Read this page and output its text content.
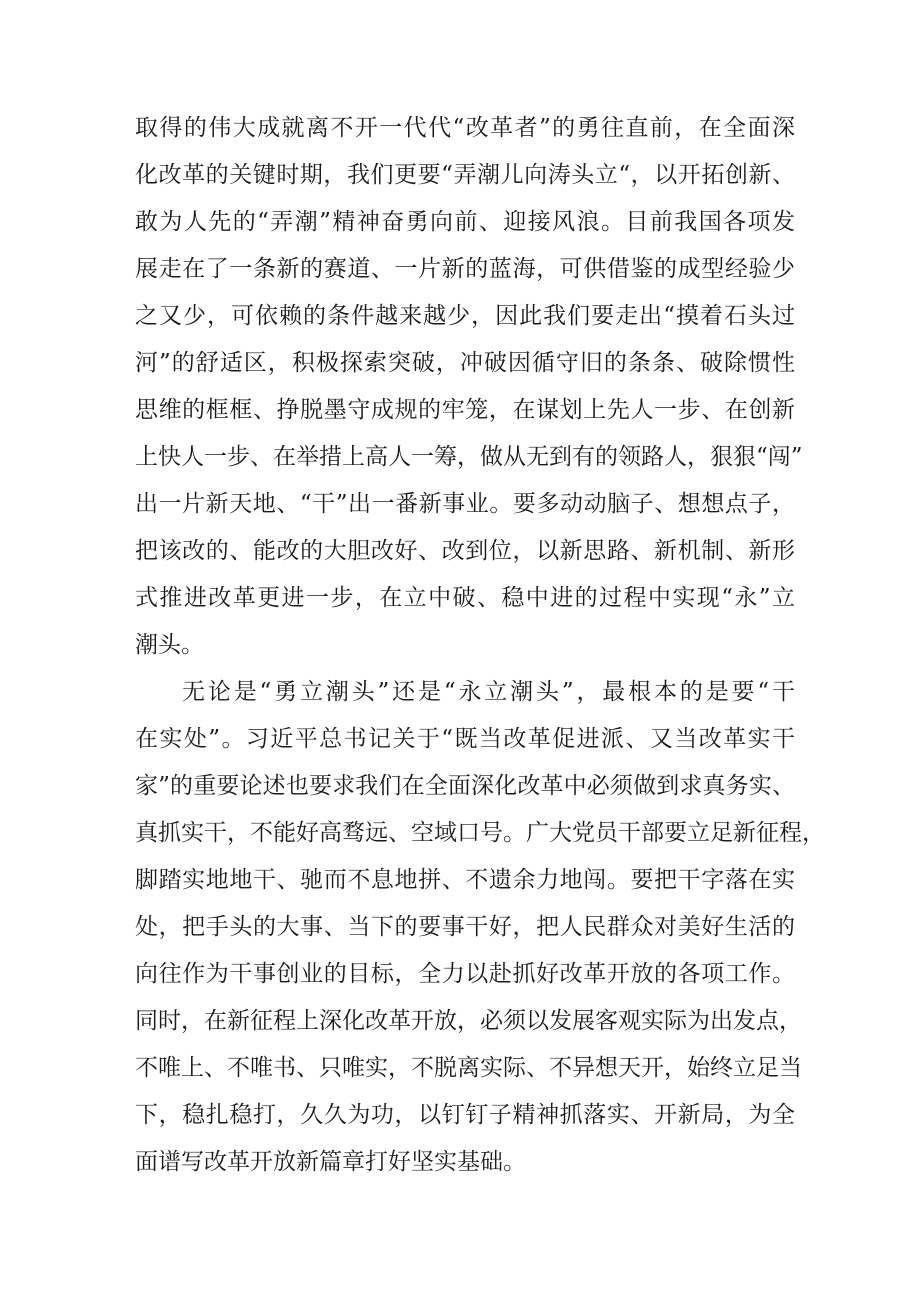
取得的伟大成就离不开一代代“改革者”的勇往直前，在全面深
化改革的关键时期，我们更要“弄潮儿向涛头立“，以开拓创新、
敢为人先的“弄潮”精神奋勇向前、迎接风浪。目前我国各项发
展走在了一条新的赛道、一片新的蓝海，可供借鉴的成型经验少
之又少，可依赖的条件越来越少，因此我们要走出“摸着石头过
河”的舒适区，积极探索突破，冲破因循守旧的条条、破除惯性
思维的框框、挣脱墨守成规的牢笼，在谋划上先人一步、在创新
上快人一步、在举措上高人一筹，做从无到有的领路人，狠狠“闯”
出一片新天地、“干”出一番新事业。要多动动脑子、想想点子，
把该改的、能改的大胆改好、改到位，以新思路、新机制、新形
式推进改革更进一步，在立中破、稳中进的过程中实现“永”立
潮头。
无论是“勇立潮头”还是“永立潮头”，最根本的是要“干
在实处”。习近平总书记关于“既当改革促进派、又当改革实干
家”的重要论述也要求我们在全面深化改革中必须做到求真务实、
真抓实干，不能好高骛远、空域口号。广大党员干部要立足新征程，
脚踏实地地干、驰而不息地拼、不遗余力地闯。要把干字落在实
处，把手头的大事、当下的要事干好，把人民群众对美好生活的
向往作为干事创业的目标，全力以赴抓好改革开放的各项工作。
同时，在新征程上深化改革开放，必须以发展客观实际为出发点，
不唯上、不唯书、只唯实，不脱离实际、不异想天开，始终立足当
下，稳扎稳打，久久为功，以钉钉子精神抓落实、开新局，为全
面谱写改革开放新篇章打好坚实基础。
